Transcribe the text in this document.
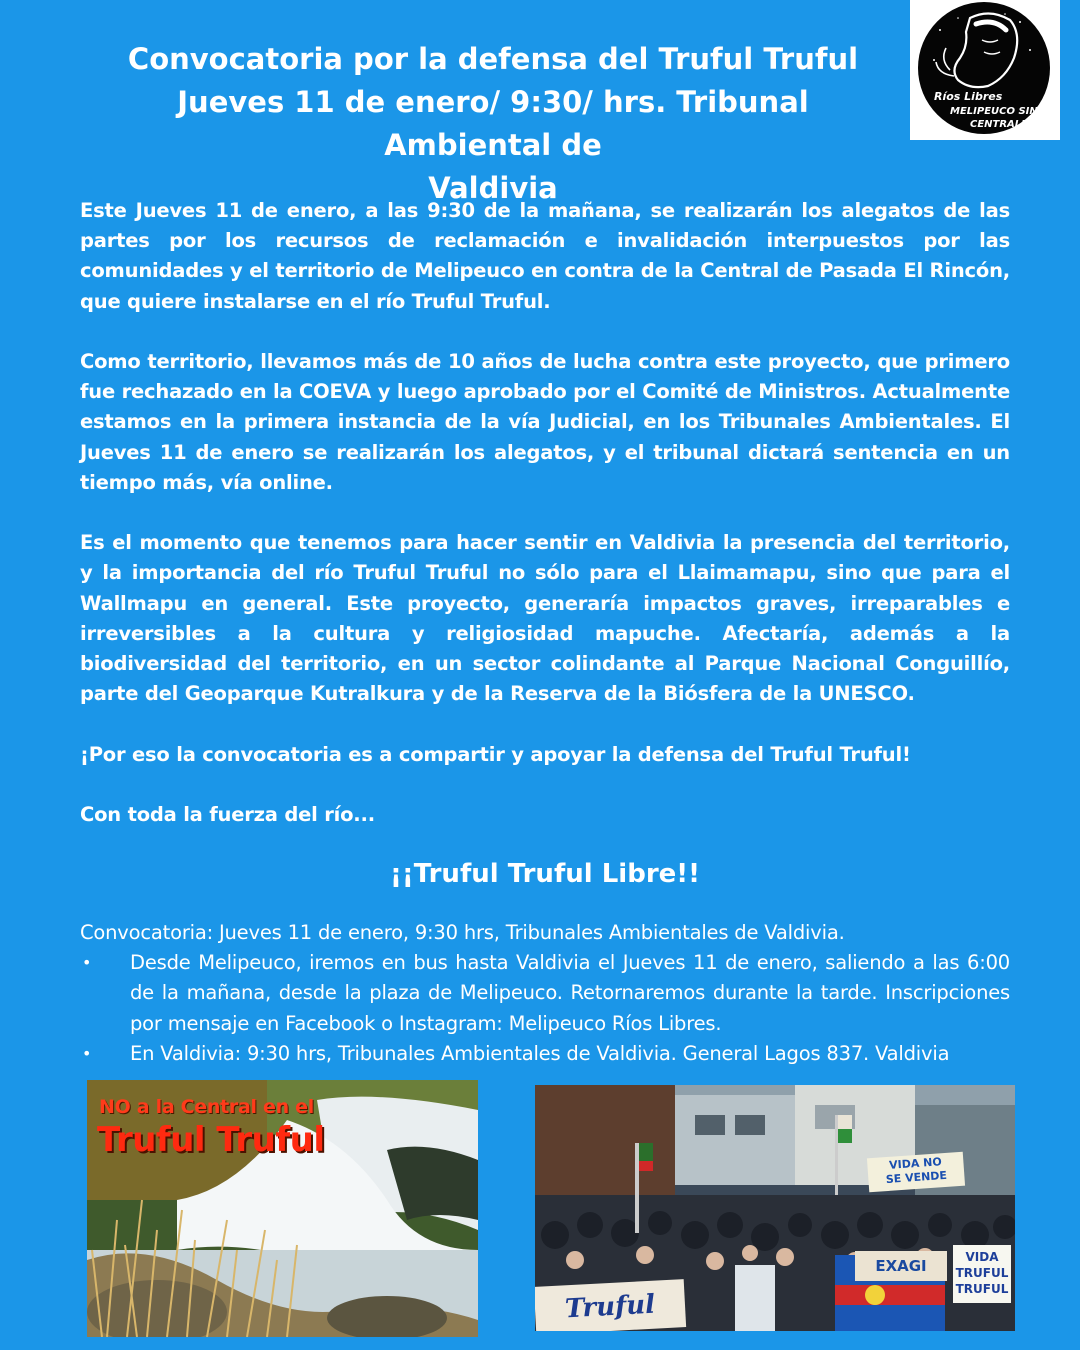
Convocatoria por la defensa del Truful Truful
Jueves 11 de enero/ 9:30/ hrs. Tribunal Ambiental de
Valdivia
Ríos Libres
MELIPEUCO SIN
CENTRALES

Este Jueves 11 de enero, a las 9:30 de la mañana, se realizarán los alegatos de las partes por los recursos de reclamación e invalidación interpuestos por las comunidades y el territorio de Melipeuco en contra de la Central de Pasada El Rincón, que quiere instalarse en el río Truful Truful.

Como territorio, llevamos más de 10 años de lucha contra este proyecto, que primero fue rechazado en la COEVA y luego aprobado por el Comité de Ministros. Actualmente estamos en la primera instancia de la vía Judicial, en los Tribunales Ambientales. El Jueves 11 de enero se realizarán los alegatos, y el tribunal dictará sentencia en un tiempo más, vía online.

Es el momento que tenemos para hacer sentir en Valdivia la presencia del territorio, y la importancia del río Truful Truful no sólo para el Llaimamapu, sino que para el Wallmapu en general. Este proyecto, generaría impactos graves, irreparables e irreversibles a la cultura y religiosidad mapuche. Afectaría, además a la biodiversidad del territorio, en un sector colindante al Parque Nacional Conguillío, parte del Geoparque Kutralkura y de la Reserva de la Biósfera de la UNESCO.

¡Por eso la convocatoria es a compartir y apoyar la defensa del Truful Truful!

Con toda la fuerza del río...

¡¡Truful Truful Libre!!
Convocatoria: Jueves 11 de enero, 9:30 hrs, Tribunales Ambientales de Valdivia.
• Desde Melipeuco, iremos en bus hasta Valdivia el Jueves 11 de enero, saliendo a las 6:00 de la mañana, desde la plaza de Melipeuco. Retornaremos durante la tarde. Inscripciones por mensaje en Facebook o Instagram: Melipeuco Ríos Libres.
• En Valdivia: 9:30 hrs, Tribunales Ambientales de Valdivia. General Lagos 837. Valdivia
NO a la Central en el
Truful Truful
VIDA NO
SE VENDE
VIDA
TRUFUL
TRUFUL
EXAGI
Truful
